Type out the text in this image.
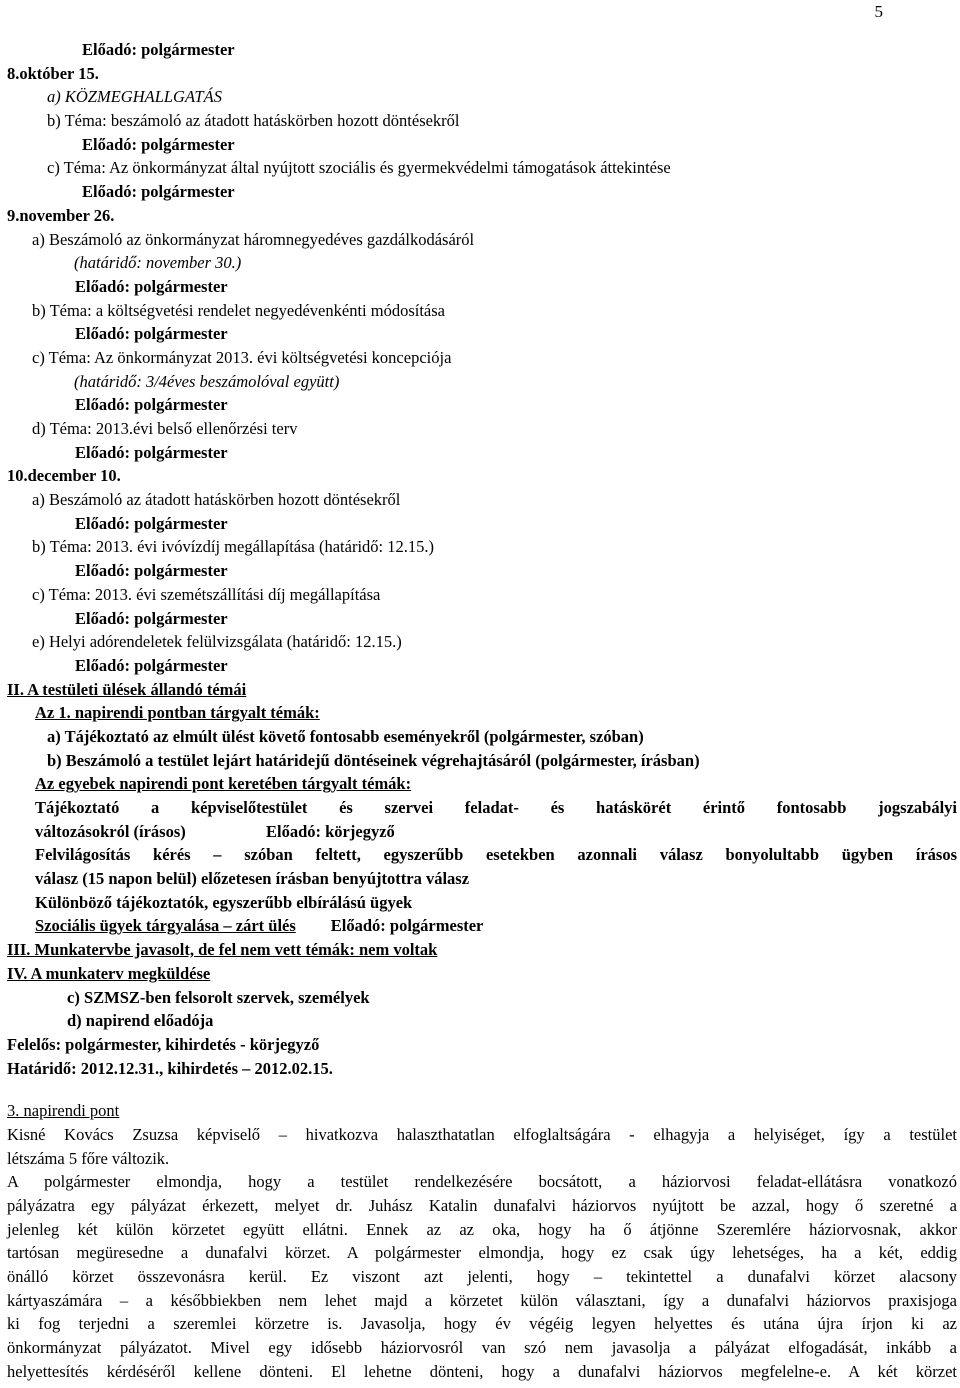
5
Előadó: polgármester
8.október 15.
a) KÖZMEGHALLGATÁS
b) Téma: beszámoló az átadott hatáskörben hozott döntésekről
Előadó: polgármester
c) Téma: Az önkormányzat által nyújtott szociális és gyermekvédelmi támogatások áttekintése
Előadó: polgármester
9.november 26.
a) Beszámoló az önkormányzat háromnegyedéves gazdálkodásáról
(határidő: november 30.)
Előadó: polgármester
b) Téma: a költségvetési rendelet negyedévenkénti módosítása
Előadó: polgármester
c) Téma: Az önkormányzat 2013. évi költségvetési koncepciója
(határidő: 3/4éves beszámolóval együtt)
Előadó: polgármester
d) Téma: 2013.évi belső ellenőrzési terv
Előadó: polgármester
10.december 10.
a) Beszámoló az átadott hatáskörben hozott döntésekről
Előadó: polgármester
b) Téma: 2013. évi ivóvízdíj megállapítása (határidő: 12.15.)
Előadó: polgármester
c) Téma: 2013. évi szemétszállítási díj megállapítása
Előadó: polgármester
e) Helyi adórendeletek felülvizsgálata (határidő: 12.15.)
Előadó: polgármester
II. A testületi ülések állandó témái
Az 1. napirendi pontban tárgyalt témák:
a) Tájékoztató az elmúlt ülést követő fontosabb eseményekről (polgármester, szóban)
b) Beszámoló a testület lejárt határidejű döntéseinek végrehajtásáról (polgármester, írásban)
Az egyebek napirendi pont keretében tárgyalt témák:
Tájékoztató a képviselőtestület és szervei feladat- és hatáskörét érintő fontosabb jogszabályi
változásokról (írásos)	Előadó: körjegyző
Felvilágosítás kérés – szóban feltett, egyszerűbb esetekben azonnali válasz bonyolultabb ügyben írásos
válasz (15 napon belül) előzetesen írásban benyújtottra válasz
Különböző tájékoztatók, egyszerűbb elbírálású ügyek
Szociális ügyek tárgyalása – zárt ülés Előadó: polgármester
III. Munkatervbe javasolt, de fel nem vett témák: nem voltak
IV. A munkaterv megküldése
c) SZMSZ-ben felsorolt szervek, személyek
d) napirend előadója
Felelős: polgármester, kihirdetés - körjegyző
Határidő: 2012.12.31., kihirdetés – 2012.02.15.
3. napirendi pont
Kisné Kovács Zsuzsa képviselő – hivatkozva halaszthatatlan elfoglaltságára - elhagyja a helyiséget, így a testület
létszáma 5 főre változik.
A polgármester elmondja, hogy a testület rendelkezésére bocsátott, a háziorvosi feladat-ellátásra vonatkozó
pályázatra egy pályázat érkezett, melyet dr. Juhász Katalin dunafalvi háziorvos nyújtott be azzal, hogy ő szeretné a
jelenleg két külön körzetet együtt ellátni. Ennek az az oka, hogy ha ő átjönne Szeremlére háziorvosnak, akkor
tartósan megüresedne a dunafalvi körzet. A polgármester elmondja, hogy ez csak úgy lehetséges, ha a két, eddig
önálló körzet összevonásra kerül. Ez viszont azt jelenti, hogy – tekintettel a dunafalvi körzet alacsony
kártyaszámára – a későbbiekben nem lehet majd a körzetet külön választani, így a dunafalvi háziorvos praxisjoga
ki fog terjedni a szeremlei körzetre is. Javasolja, hogy év végéig legyen helyettes és utána újra írjon ki az
önkormányzat pályázatot. Mivel egy idősebb háziorvosról van szó nem javasolja a pályázat elfogadását, inkább a
helyettesítés kérdéséről kellene dönteni. El lehetne dönteni, hogy a dunafalvi háziorvos megfelelne-e. A két körzet
